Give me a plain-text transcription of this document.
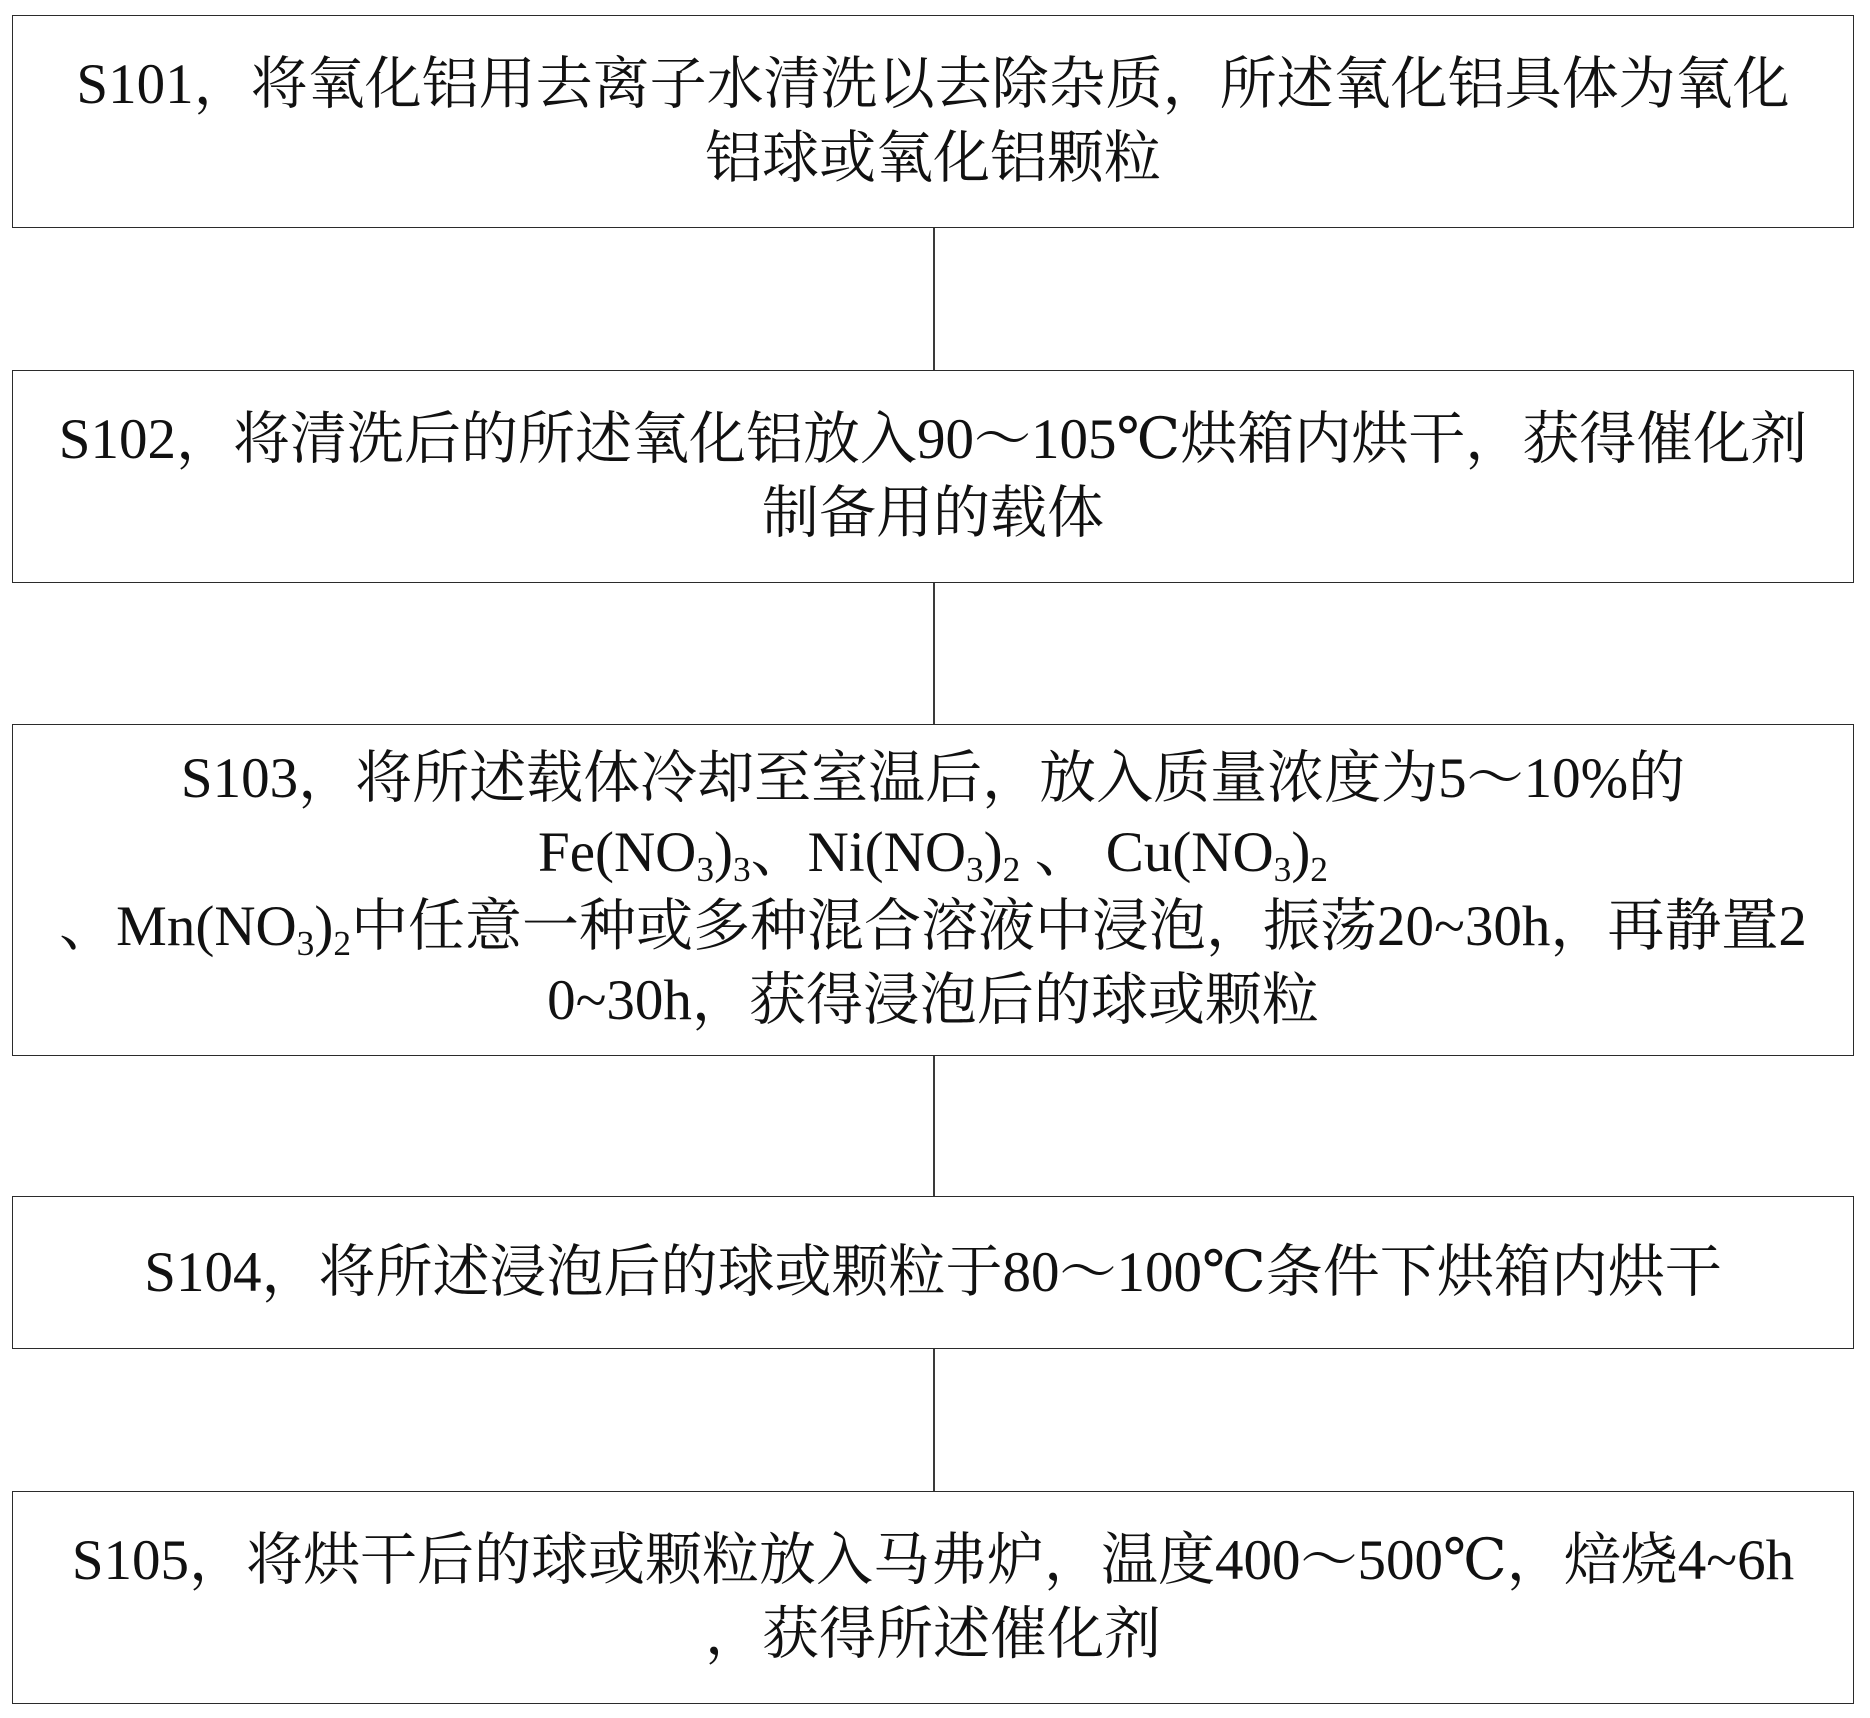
S101，将氧化铝用去离子水清洗以去除杂质，所述氧化铝具体为氧化
铝球或氧化铝颗粒
S102，将清洗后的所述氧化铝放入90～105℃烘箱内烘干，获得催化剂
制备用的载体
S103，将所述载体冷却至室温后，放入质量浓度为5～10%的
$Fe(NO_3)_3$、$Ni(NO_3)_2$ 、 $Cu(NO_3)_2$
、$Mn(NO_3)_2$中任意一种或多种混合溶液中浸泡，振荡20~30h，再静置2
0~30h，获得浸泡后的球或颗粒
S104，将所述浸泡后的球或颗粒于80～100℃条件下烘箱内烘干
S105，将烘干后的球或颗粒放入马弗炉，温度400～500℃，焙烧4~6h
，获得所述催化剂
